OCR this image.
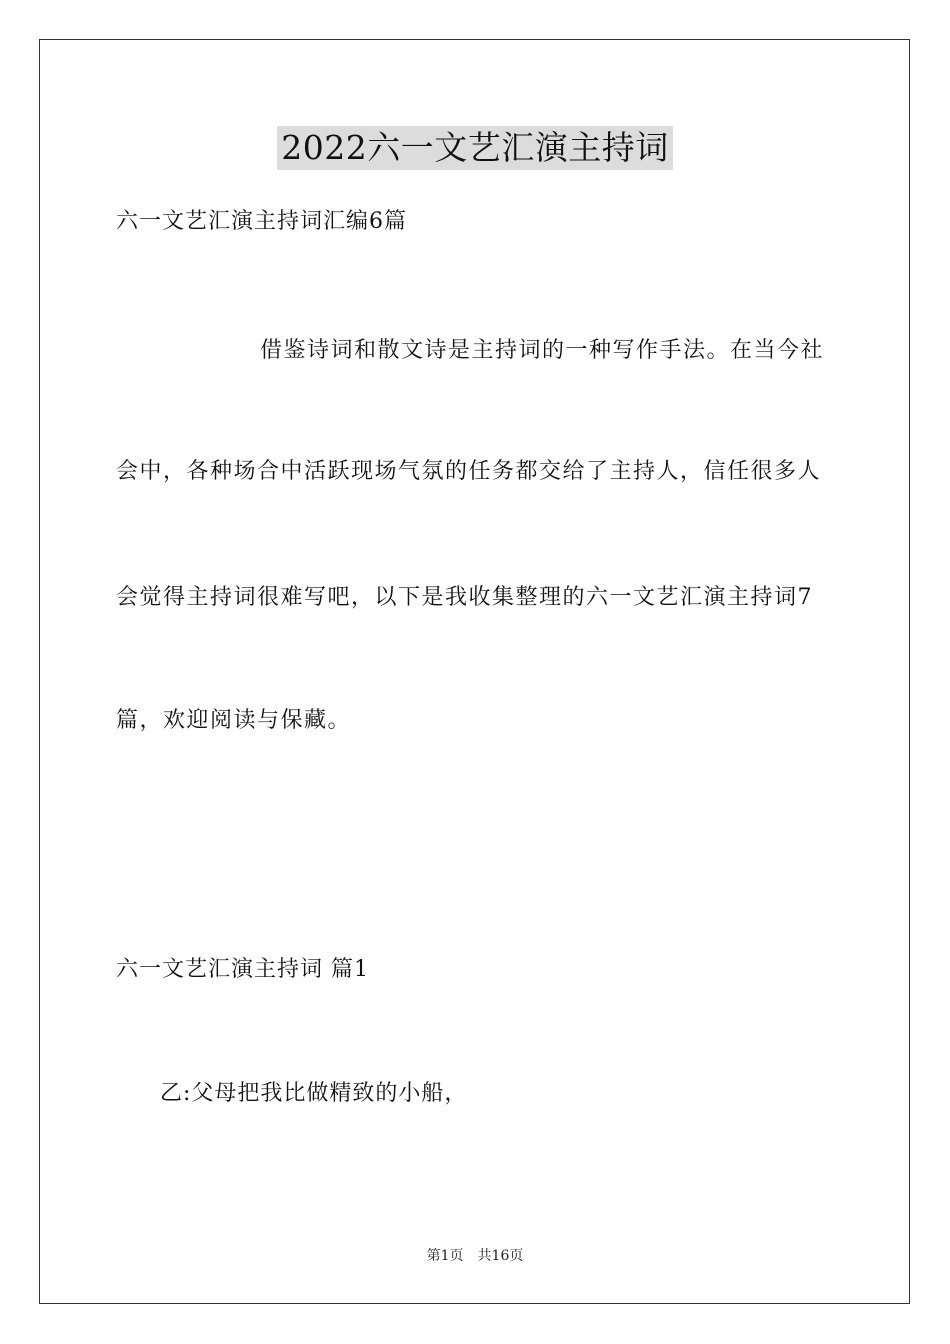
2022六一文艺汇演主持词
六一文艺汇演主持词汇编6篇
借鉴诗词和散文诗是主持词的一种写作手法。在当今社
会中，各种场合中活跃现场气氛的任务都交给了主持人，信任很多人
会觉得主持词很难写吧，以下是我收集整理的六一文艺汇演主持词7
篇，欢迎阅读与保藏。
六一文艺汇演主持词 篇1
乙:父母把我比做精致的小船，
第1页 共16页
